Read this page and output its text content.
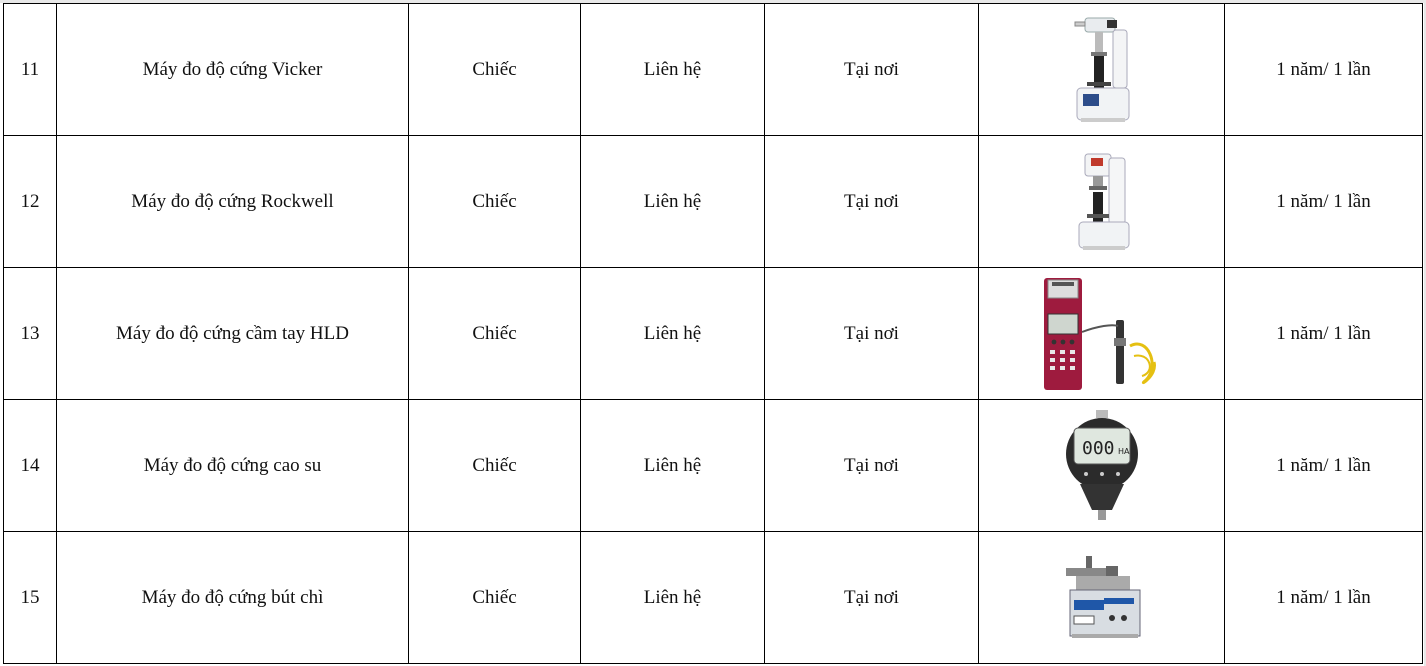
11	Máy đo độ cứng Vicker	Chiếc	Liên hệ	Tại nơi		1 năm/ 1 lần
12	Máy đo độ cứng Rockwell	Chiếc	Liên hệ	Tại nơi		1 năm/ 1 lần
13	Máy đo độ cứng cầm tay HLD	Chiếc	Liên hệ	Tại nơi		1 năm/ 1 lần
14	Máy đo độ cứng cao su	Chiếc	Liên hệ	Tại nơi	000 HA	1 năm/ 1 lần
15	Máy đo độ cứng bút chì	Chiếc	Liên hệ	Tại nơi		1 năm/ 1 lần
